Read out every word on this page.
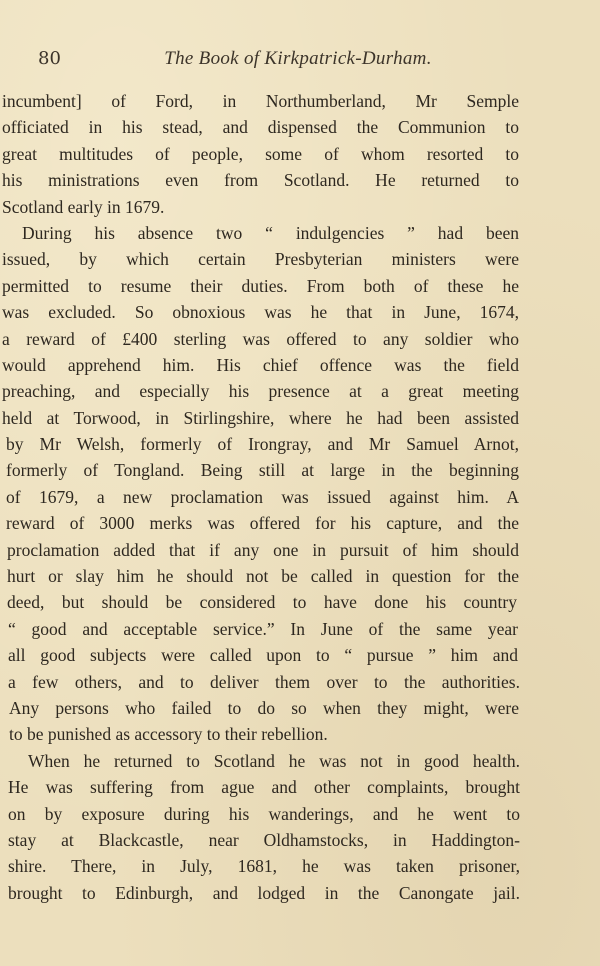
80	The Book of Kirkpatrick-Durham.
incumbent] of Ford, in Northumberland, Mr Semple
officiated in his stead, and dispensed the Communion to
great multitudes of people, some of whom resorted to
his ministrations even from Scotland. He returned to
Scotland early in 1679.
During his absence two “ indulgencies ” had been
issued, by which certain Presbyterian ministers were
permitted to resume their duties. From both of these he
was excluded. So obnoxious was he that in June, 1674,
a reward of £400 sterling was offered to any soldier who
would apprehend him. His chief offence was the field
preaching, and especially his presence at a great meeting
held at Torwood, in Stirlingshire, where he had been assisted
by Mr Welsh, formerly of Irongray, and Mr Samuel Arnot,
formerly of Tongland. Being still at large in the beginning
of 1679, a new proclamation was issued against him. A
reward of 3000 merks was offered for his capture, and the
proclamation added that if any one in pursuit of him should
hurt or slay him he should not be called in question for the
deed, but should be considered to have done his country
“ good and acceptable service.” In June of the same year
all good subjects were called upon to “ pursue ” him and
a few others, and to deliver them over to the authorities.
Any persons who failed to do so when they might, were
to be punished as accessory to their rebellion.
When he returned to Scotland he was not in good health.
He was suffering from ague and other complaints, brought
on by exposure during his wanderings, and he went to
stay at Blackcastle, near Oldhamstocks, in Haddington-
shire. There, in July, 1681, he was taken prisoner,
brought to Edinburgh, and lodged in the Canongate jail.
